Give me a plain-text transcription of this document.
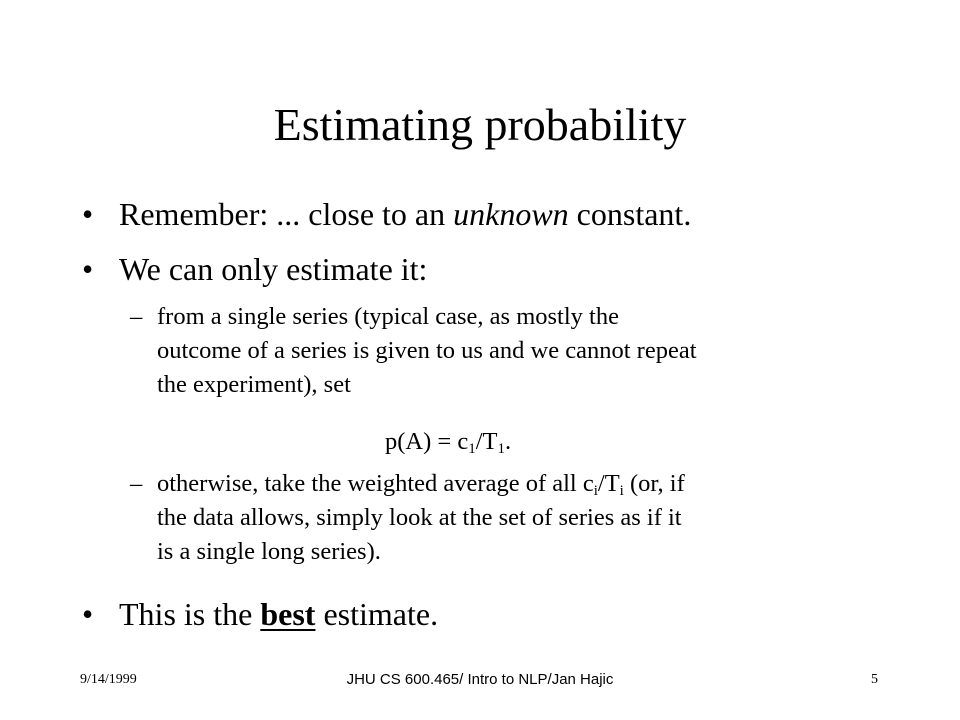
Estimating probability
• Remember: ... close to an unknown constant.
• We can only estimate it:
– from a single series (typical case, as mostly the
outcome of a series is given to us and we cannot repeat
the experiment), set
$p(A) = c_1/T_1$.
– otherwise, take the weighted average of all $c_i/T_i$ (or, if
the data allows, simply look at the set of series as if it
is a single long series).
• This is the best estimate.
9/14/1999	JHU CS 600.465/ Intro to NLP/Jan Hajic	5
